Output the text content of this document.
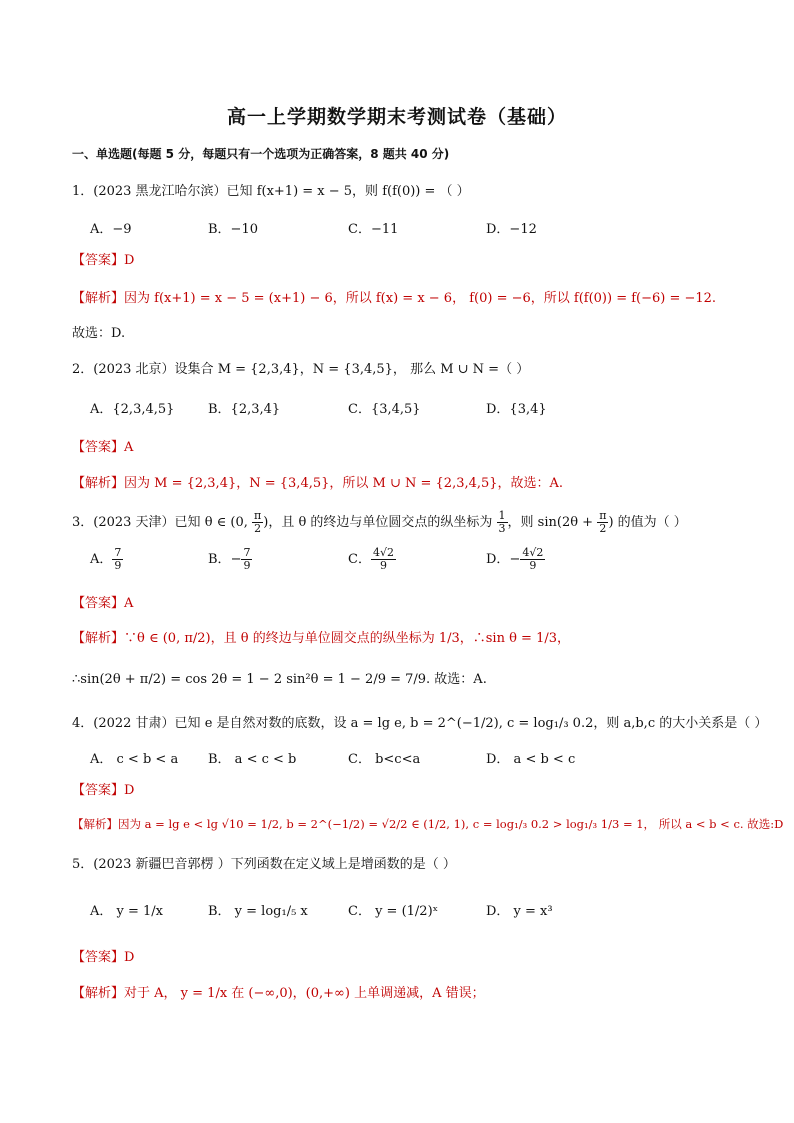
高一上学期数学期末考测试卷（基础）
一、单选题(每题 5 分，每题只有一个选项为正确答案，8 题共 40 分)
1．(2023 黑龙江哈尔滨）已知 f(x+1) = x − 5，则 f(f(0)) = （ ）
A．−9	B．−10	C．−11	D．−12
【答案】D
【解析】因为 f(x+1) = x − 5 = (x+1) − 6，所以 f(x) = x − 6， f(0) = −6，所以 f(f(0)) = f(−6) = −12.
故选：D.
2．(2023 北京）设集合 M = {2,3,4}，N = {3,4,5}， 那么 M ∪ N =（ ）
A．{2,3,4,5}	B．{2,3,4}	C．{3,4,5}	D．{3,4}
【答案】A
【解析】因为 M = {2,3,4}，N = {3,4,5}，所以 M ∪ N = {2,3,4,5}，故选：A.
3．(2023 天津）已知 θ ∈ (0, $\frac{\pi}{2}$ )，且 θ 的终边与单位圆交点的纵坐标为 $\frac{1}{3}$ ，则 $\sin(2\theta + \frac{\pi}{2}$ ) 的值为（ ）
A． $\frac{7}{9}$	B．− $\frac{7}{9}$	C． $\frac{4√2}{9}$	D．− $\frac{4√2}{9}$
【答案】A
【解析】∵θ ∈ (0, π/2)，且 θ 的终边与单位圆交点的纵坐标为 1/3，∴sin θ = 1/3，
∴sin(2θ + π/2) = cos 2θ = 1 − 2 sin²θ = 1 − 2/9 = 7/9. 故选：A.
4．(2022 甘肃）已知 e 是自然对数的底数，设 a = lg e, b = 2^(−1/2), c = log₁/₃ 0.2，则 a,b,c 的大小关系是（ ）
A． c < b < a B． a < c < b	C． b<c<a	D． a < b < c
【答案】D
【解析】因为 a = lg e < lg √10 = 1/2, b = 2^(−1/2) = √2/2 ∈ (1/2, 1), c = log₁/₃ 0.2 > log₁/₃ 1/3 = 1， 所以 a < b < c. 故选:D
5．(2023 新疆巴音郭楞 ）下列函数在定义域上是增函数的是（ ）
A． y = 1/x	B． y = log₁/₅ x	C． y = (1/2)ˣ	D． y = x³
【答案】D
【解析】对于 A， y = 1/x 在 (−∞,0)，(0,+∞) 上单调递减，A 错误；
